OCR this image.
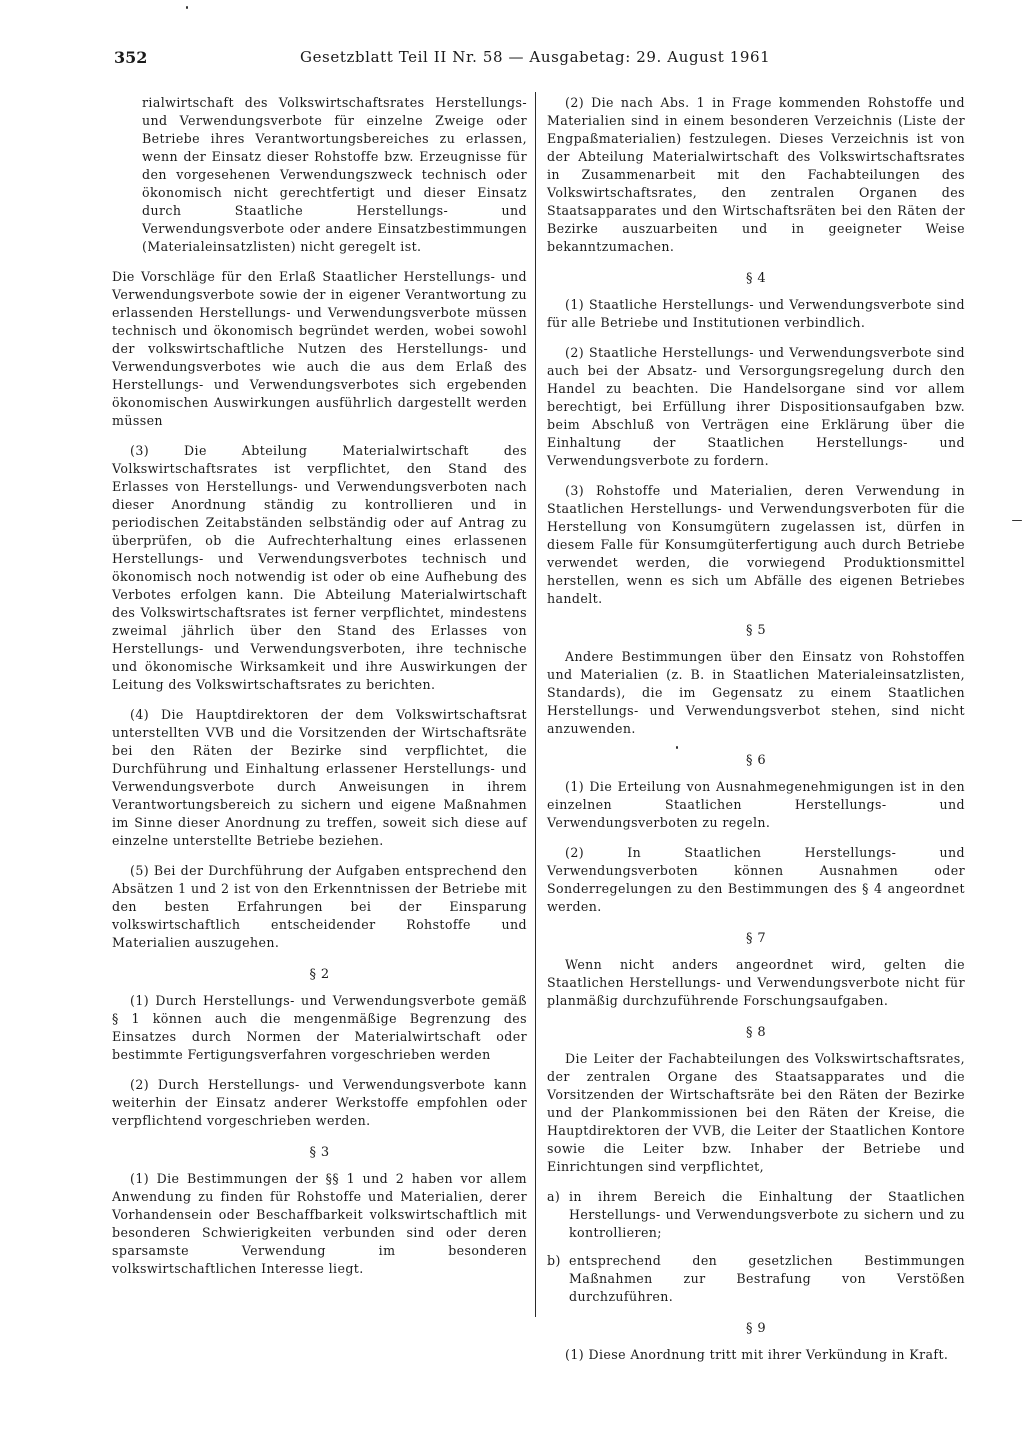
352	Gesetzblatt Teil II Nr. 58 — Ausgabetag: 29. August 1961

rialwirtschaft des Volkswirtschaftsrates Herstellungs- und Verwendungsverbote für einzelne Zweige oder Betriebe ihres Verantwortungsbereiches zu erlassen, wenn der Einsatz dieser Rohstoffe bzw. Erzeugnisse für den vorgesehenen Verwendungszweck technisch oder ökonomisch nicht gerechtfertigt und dieser Einsatz durch Staatliche Herstellungs- und Verwendungsverbote oder andere Einsatzbestimmungen (Materialeinsatzlisten) nicht geregelt ist.

Die Vorschläge für den Erlaß Staatlicher Herstellungs- und Verwendungsverbote sowie der in eigener Verantwortung zu erlassenden Herstellungs- und Verwendungsverbote müssen technisch und ökonomisch begründet werden, wobei sowohl der volkswirtschaftliche Nutzen des Herstellungs- und Verwendungsverbotes wie auch die aus dem Erlaß des Herstellungs- und Verwendungsverbotes sich ergebenden ökonomischen Auswirkungen ausführlich dargestellt werden müssen

(3) Die Abteilung Materialwirtschaft des Volkswirtschaftsrates ist verpflichtet, den Stand des Erlasses von Herstellungs- und Verwendungsverboten nach dieser Anordnung ständig zu kontrollieren und in periodischen Zeitabständen selbständig oder auf Antrag zu überprüfen, ob die Aufrechterhaltung eines erlassenen Herstellungs- und Verwendungsverbotes technisch und ökonomisch noch notwendig ist oder ob eine Aufhebung des Verbotes erfolgen kann. Die Abteilung Materialwirtschaft des Volkswirtschaftsrates ist ferner verpflichtet, mindestens zweimal jährlich über den Stand des Erlasses von Herstellungs- und Verwendungsverboten, ihre technische und ökonomische Wirksamkeit und ihre Auswirkungen der Leitung des Volkswirtschaftsrates zu berichten.

(4) Die Hauptdirektoren der dem Volkswirtschaftsrat unterstellten VVB und die Vorsitzenden der Wirtschaftsräte bei den Räten der Bezirke sind verpflichtet, die Durchführung und Einhaltung erlassener Herstellungs- und Verwendungsverbote durch Anweisungen in ihrem Verantwortungsbereich zu sichern und eigene Maßnahmen im Sinne dieser Anordnung zu treffen, soweit sich diese auf einzelne unterstellte Betriebe beziehen.

(5) Bei der Durchführung der Aufgaben entsprechend den Absätzen 1 und 2 ist von den Erkenntnissen der Betriebe mit den besten Erfahrungen bei der Einsparung volkswirtschaftlich entscheidender Rohstoffe und Materialien auszugehen.

§ 2

(1) Durch Herstellungs- und Verwendungsverbote gemäß § 1 können auch die mengenmäßige Begrenzung des Einsatzes durch Normen der Materialwirtschaft oder bestimmte Fertigungsverfahren vorgeschrieben werden

(2) Durch Herstellungs- und Verwendungsverbote kann weiterhin der Einsatz anderer Werkstoffe empfohlen oder verpflichtend vorgeschrieben werden.

§ 3

(1) Die Bestimmungen der §§ 1 und 2 haben vor allem Anwendung zu finden für Rohstoffe und Materialien, derer Vorhandensein oder Beschaffbarkeit volkswirtschaftlich mit besonderen Schwierigkeiten verbunden sind oder deren sparsamste Verwendung im besonderen volkswirtschaftlichen Interesse liegt.

(2) Die nach Abs. 1 in Frage kommenden Rohstoffe und Materialien sind in einem besonderen Verzeichnis (Liste der Engpaßmaterialien) festzulegen. Dieses Verzeichnis ist von der Abteilung Materialwirtschaft des Volkswirtschaftsrates in Zusammenarbeit mit den Fachabteilungen des Volkswirtschaftsrates, den zentralen Organen des Staatsapparates und den Wirtschaftsräten bei den Räten der Bezirke auszuarbeiten und in geeigneter Weise bekanntzumachen.

§ 4

(1) Staatliche Herstellungs- und Verwendungsverbote sind für alle Betriebe und Institutionen verbindlich.

(2) Staatliche Herstellungs- und Verwendungsverbote sind auch bei der Absatz- und Versorgungsregelung durch den Handel zu beachten. Die Handelsorgane sind vor allem berechtigt, bei Erfüllung ihrer Dispositionsaufgaben bzw. beim Abschluß von Verträgen eine Erklärung über die Einhaltung der Staatlichen Herstellungs- und Verwendungsverbote zu fordern.

(3) Rohstoffe und Materialien, deren Verwendung in Staatlichen Herstellungs- und Verwendungsverboten für die Herstellung von Konsumgütern zugelassen ist, dürfen in diesem Falle für Konsumgüterfertigung auch durch Betriebe verwendet werden, die vorwiegend Produktionsmittel herstellen, wenn es sich um Abfälle des eigenen Betriebes handelt.

§ 5

Andere Bestimmungen über den Einsatz von Rohstoffen und Materialien (z. B. in Staatlichen Materialeinsatzlisten, Standards), die im Gegensatz zu einem Staatlichen Herstellungs- und Verwendungsverbot stehen, sind nicht anzuwenden.

§ 6

(1) Die Erteilung von Ausnahmegenehmigungen ist in den einzelnen Staatlichen Herstellungs- und Verwendungsverboten zu regeln.

(2) In Staatlichen Herstellungs- und Verwendungsverboten können Ausnahmen oder Sonderregelungen zu den Bestimmungen des § 4 angeordnet werden.

§ 7

Wenn nicht anders angeordnet wird, gelten die Staatlichen Herstellungs- und Verwendungsverbote nicht für planmäßig durchzuführende Forschungsaufgaben.

§ 8

Die Leiter der Fachabteilungen des Volkswirtschaftsrates, der zentralen Organe des Staatsapparates und die Vorsitzenden der Wirtschaftsräte bei den Räten der Bezirke und der Plankommissionen bei den Räten der Kreise, die Hauptdirektoren der VVB, die Leiter der Staatlichen Kontore sowie die Leiter bzw. Inhaber der Betriebe und Einrichtungen sind verpflichtet,

a) in ihrem Bereich die Einhaltung der Staatlichen Herstellungs- und Verwendungsverbote zu sichern und zu kontrollieren;
b) entsprechend den gesetzlichen Bestimmungen Maßnahmen zur Bestrafung von Verstößen durchzuführen.
§ 9

(1) Diese Anordnung tritt mit ihrer Verkündung in Kraft.
